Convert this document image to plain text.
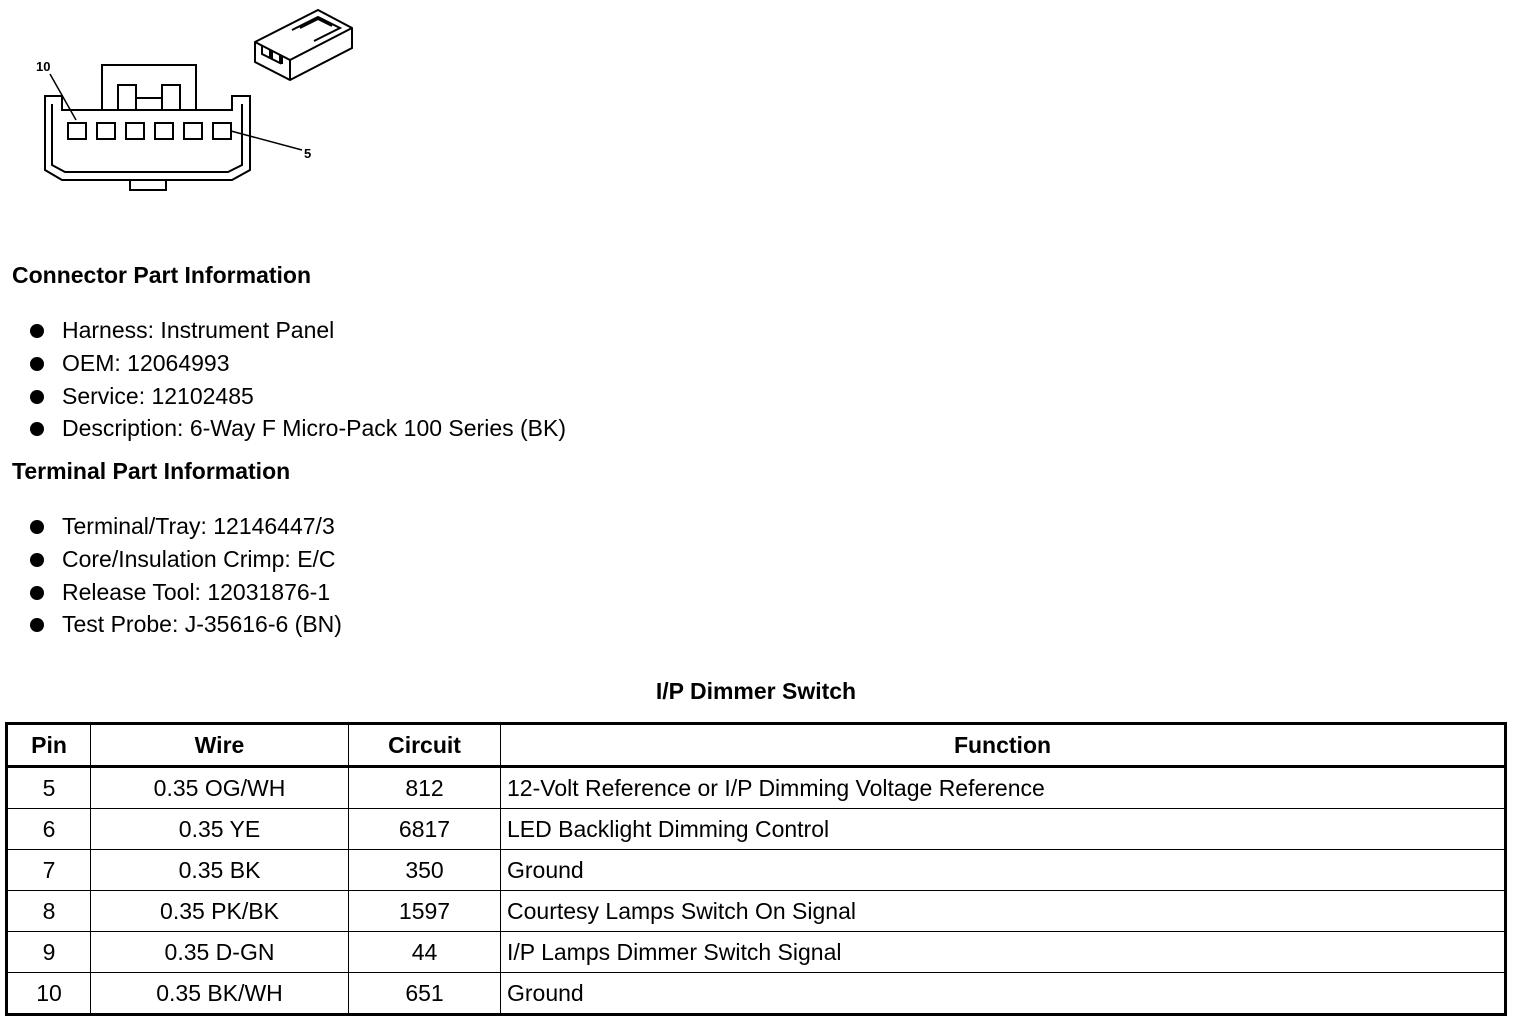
10
5
Connector Part Information
Harness: Instrument Panel
OEM: 12064993
Service: 12102485
Description: 6-Way F Micro-Pack 100 Series (BK)
Terminal Part Information
Terminal/Tray: 12146447/3
Core/Insulation Crimp: E/C
Release Tool: 12031876-1
Test Probe: J-35616-6 (BN)
I/P Dimmer Switch
Pin	Wire	Circuit	Function
5	0.35 OG/WH	812	12-Volt Reference or I/P Dimming Voltage Reference
6	0.35 YE	6817	LED Backlight Dimming Control
7	0.35 BK	350	Ground
8	0.35 PK/BK	1597	Courtesy Lamps Switch On Signal
9	0.35 D-GN	44	I/P Lamps Dimmer Switch Signal
10	0.35 BK/WH	651	Ground
